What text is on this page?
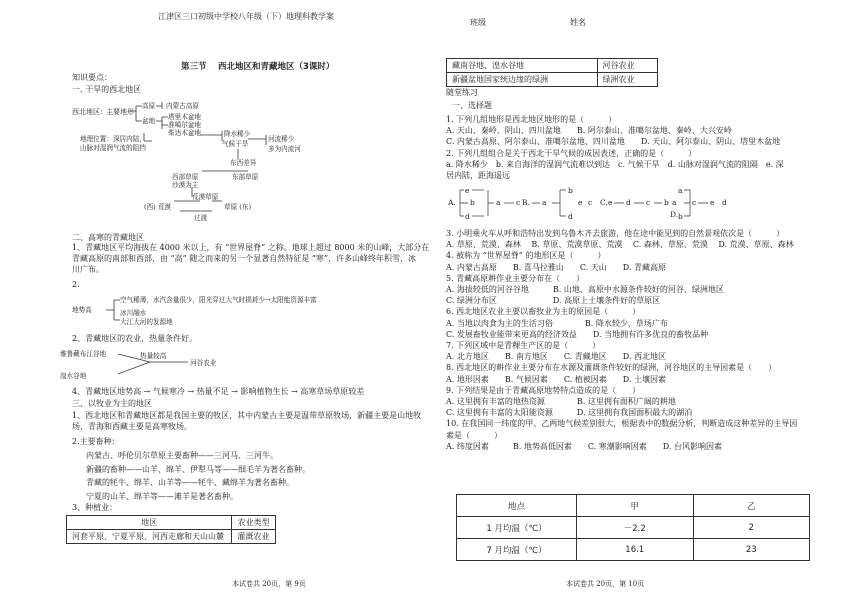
江津区三口初级中学校八年级（下）地理科教学案
班级	姓名
第三节　 西北地区和青藏地区（3课时）
知识要点：
一. 干旱的西北地区
西北地区： 主要地形
高原
盆地
内蒙古高原
塔里木盆地
准噶尔盆地
柴达木盆地
地理位置：深居内陆，
山脉对湿润气流的阻挡
降水稀少
气候干旱
河流稀少
多为内流河
东西差异
西部草原
沙漠为主
东部草原
荒漠草原
过渡
(西) 荒漠	草原 (东)
二、高寒的青藏地区
1、青藏地区平均海拔在 4000 米以上，有 “世界屋脊” 之称。地球上超过 8000 米的山峰，大部分在
青藏高原的南部和西部，由 “高” 随之而来的另一个显著自然特征是 “寒”，许多山峰终年积雪，冰
川广布。
2.
地势高
空气稀薄，水汽含量很少，阳光穿过大气时损耗少→太阳能资源丰富
冰川融水
大江大河的发源地
2、青藏地区的农业，热量条件好。
雅鲁藏布江谷地	热量较高
河谷农业
湟水谷地
4、青藏地区地势高 → 气候寒冷 → 热量不足 → 影响植物生长 → 高寒草场草原较差
三、以牧业为主的地区
1、西北地区和青藏地区都是我国主要的牧区，其中内蒙古主要是温带草原牧场，新疆主要是山地牧
场，青海和西藏主要是高寒牧场。
2.主要畜种：
内蒙古、呼伦贝尔草原主要畜种——三河马、三河牛。
新疆的畜种——山羊、绵羊、伊犁马等——细毛羊为著名畜种。
青藏的牦牛、绵羊、山羊等——牦牛、藏绵羊为著名畜种。
宁夏的山羊、绵羊等——滩羊是著名畜种。
3、种植业：
地区	农业类型
河套平原、宁夏平原、河西走廊和天山山麓	灌溉农业
本试卷共 20页，第 9页
藏南谷地、湟水谷地	河谷农业
新疆盆地国家统边缘的绿洲	绿洲农业
随堂练习
一、选择题
1. 下列几组地形是西北地区地形的是（　　　）
A. 天山、秦岭、阴山、四川盆地　　B. 阿尔泰山、准噶尔盆地、秦岭、大兴安岭
C. 内蒙古高原、阿尔泰山、准噶尔盆地、四川盆地　　D. 天山、阿尔泰山、阴山、塔里木盆地
2. 下列几组组合是关于西北干旱气候的成因表述，正确的是（　　　）
a. 降水稀少　b. 来自海洋的湿润气流难以到达　c. 气候干旱　d. 山脉对湿润气流的阻隔　e. 深
居内陆，距海遥远
A.
e
d
b	a c B. a
b
d
e c C. e d c b a
D.
a
b
c e d
3. 小明乘火车从呼和浩特出发到乌鲁木齐去旅游，他在途中能见到的自然景观依次是（　　　）
A. 草原、荒漠、森林　 B. 草原、荒漠草原、荒漠　 C. 森林、草原、荒漠　 D. 荒漠、草原、森林
4. 被称为 “世界屋脊” 的地形区是（　　　）
A. 内蒙古高原　　B. 喜马拉雅山　　C. 天山　　D. 青藏高原
5. 青藏高原耕作业主要分布在（　　）
A. 海拔较低的河谷谷地　　　B. 山地、高原中水源条件较好的河谷、绿洲地区
C. 绿洲分布区　　　　　　　D. 高原上土壤条件好的草原区
6. 西北地区农业主要以畜牧业为主的原因是（　　　）
A. 当地以肉食为主的生活习俗　　　　B. 降水较少，草场广布
C. 发展畜牧业能带来更高的经济效益　　D. 当地拥有许多优良的畜牧品种
7. 下列区域中是青稞生产区的是（　　　）
A. 北方地区　　B. 南方地区　　C. 青藏地区　　D. 西北地区
8. 西北地区的耕作业主要分布在水源及灌溉条件较好的绿洲，河谷地区的主导因素是（　　）
A. 地形因素　　B. 气候因素　　C. 植被因素　　D. 土壤因素
9. 下列结果是由于青藏高原地势特点造成的是（　　）
A. 这里拥有丰富的地热资源　　　　B. 这里拥有面积广阔的耕地
C. 这里拥有丰富的太阳能资源　　　D. 这里拥有我国面积最大的湖泊
10. 在我国同一纬度的甲、乙两地气候差别很大，根据表中的数据分析，判断造成这种差异的主导因
素是（　　　）
A. 纬度因素　　　B. 地势高低因素　　C. 寒潮影响因素　　D. 台风影响因素
地点	甲	乙
1 月均温（℃）	－2.2	2
7 月均温（℃）	16.1	23
本试卷共 20页，第 10页
